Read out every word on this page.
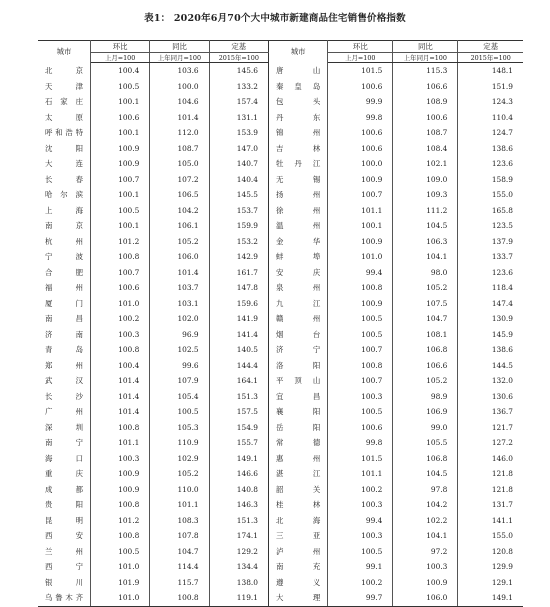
表1： 2020年6月70个大中城市新建商品住宅销售价格指数
城市	环比	同比	定基	城市	环比	同比	定基
	上月=100	上年同月=100	2015年=100		上月=100	上年同月=100	2015年=100
北京	100.4	103.6	145.6	唐山	101.5	115.3	148.1
天津	100.5	100.0	133.2	秦皇岛	100.6	106.6	151.9
石家庄	100.1	104.6	157.4	包头	99.9	108.9	124.3
太原	100.6	101.4	131.1	丹东	99.8	100.6	110.4
呼和浩特	100.1	112.0	153.9	锦州	100.6	108.7	124.7
沈阳	100.9	108.7	147.0	吉林	100.6	108.4	138.6
大连	100.9	105.0	140.7	牡丹江	100.0	102.1	123.6
长春	100.7	107.2	140.4	无锡	100.9	109.0	158.9
哈尔滨	100.1	106.5	145.5	扬州	100.7	109.3	155.0
上海	100.5	104.2	153.7	徐州	101.1	111.2	165.8
南京	100.1	106.1	159.9	温州	100.1	104.5	123.5
杭州	101.2	105.2	153.2	金华	100.9	106.3	137.9
宁波	100.8	106.0	142.9	蚌埠	101.0	104.1	133.7
合肥	100.7	101.4	161.7	安庆	99.4	98.0	123.6
福州	100.6	103.7	147.8	泉州	100.8	105.2	118.4
厦门	101.0	103.1	159.6	九江	100.9	107.5	147.4
南昌	100.2	102.0	141.9	赣州	100.5	104.7	130.9
济南	100.3	96.9	141.4	烟台	100.5	108.1	145.9
青岛	100.8	102.5	140.5	济宁	100.7	106.8	138.6
郑州	100.4	99.6	144.4	洛阳	100.8	106.6	144.5
武汉	101.4	107.9	164.1	平顶山	100.7	105.2	132.0
长沙	101.4	105.4	151.3	宜昌	100.3	98.9	130.6
广州	101.4	100.5	157.5	襄阳	100.5	106.9	136.7
深圳	100.8	105.3	154.9	岳阳	100.6	99.0	121.7
南宁	101.1	110.9	155.7	常德	99.8	105.5	127.2
海口	100.3	102.9	149.1	惠州	101.5	106.8	146.0
重庆	100.9	105.2	146.6	湛江	101.1	104.5	121.8
成都	100.9	110.0	140.8	韶关	100.2	97.8	121.8
贵阳	100.8	101.1	146.3	桂林	100.3	104.2	131.7
昆明	101.2	108.3	151.3	北海	99.4	102.2	141.1
西安	100.8	107.8	174.1	三亚	100.3	104.1	155.0
兰州	100.5	104.7	129.2	泸州	100.5	97.2	120.8
西宁	101.0	114.4	134.4	南充	99.1	100.3	129.9
银川	101.9	115.7	138.0	遵义	100.2	100.9	129.1
乌鲁木齐	101.0	100.8	119.1	大理	99.7	106.0	149.1
